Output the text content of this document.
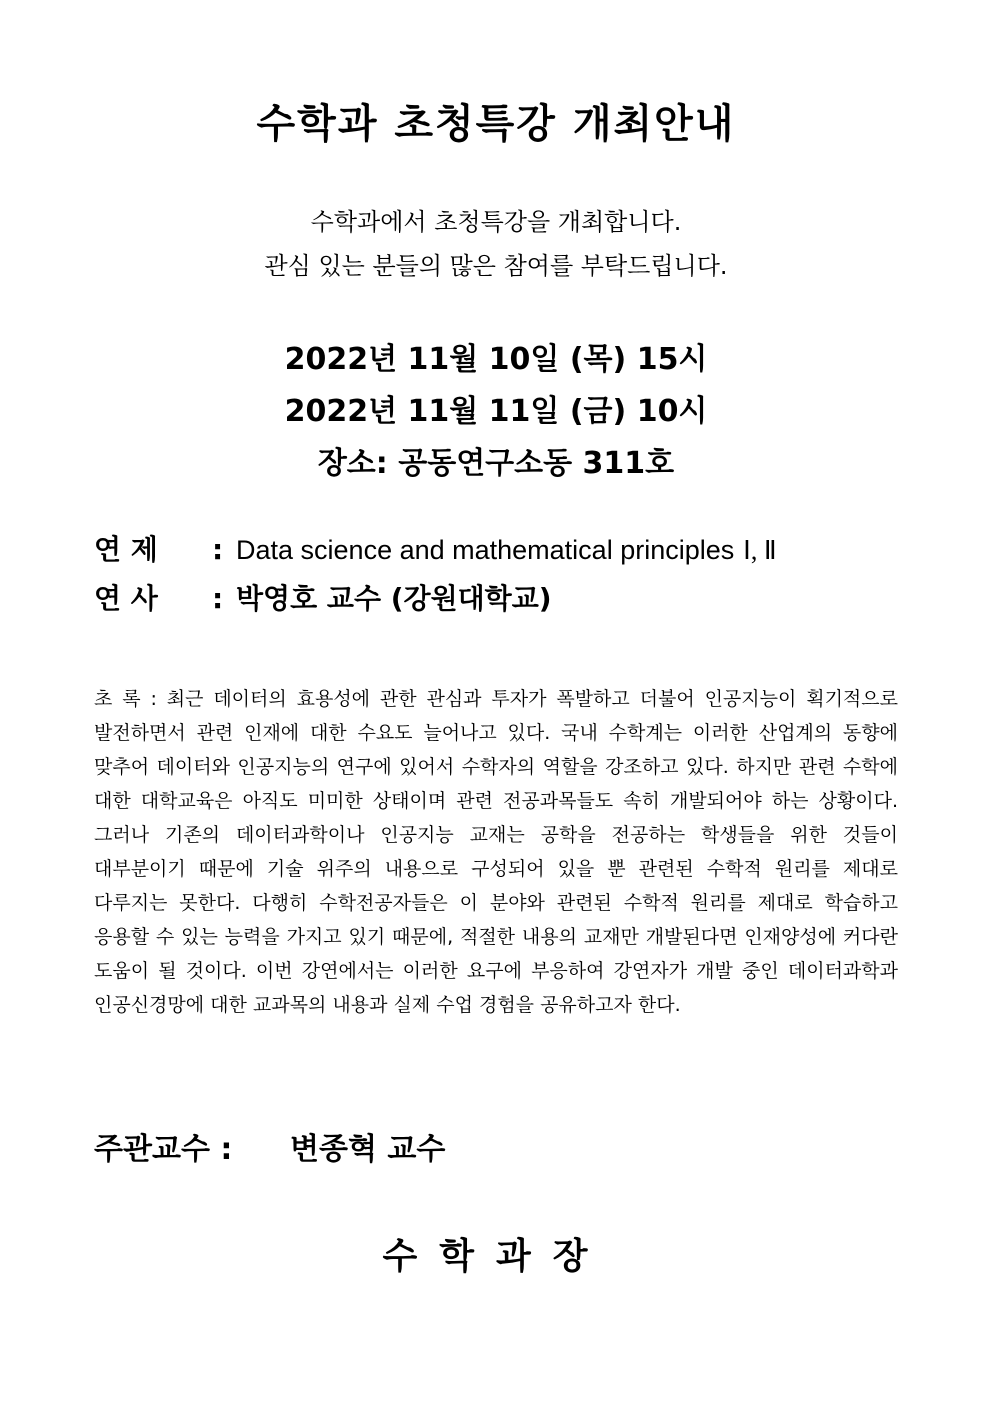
수학과 초청특강 개최안내
수학과에서 초청특강을 개최합니다.
관심 있는 분들의 많은 참여를 부탁드립니다.
2022년 11월 10일 (목) 15시
2022년 11월 11일 (금) 10시
장소: 공동연구소동 311호
연 제 : Data science and mathematical principles Ⅰ, Ⅱ
연 사 : 박영호 교수 (강원대학교)
초 록 : 최근 데이터의 효용성에 관한 관심과 투자가 폭발하고 더불어 인공지능이 획기적으로 발전하면서 관련 인재에 대한 수요도 늘어나고 있다. 국내 수학계는 이러한 산업계의 동향에 맞추어 데이터와 인공지능의 연구에 있어서 수학자의 역할을 강조하고 있다. 하지만 관련 수학에 대한 대학교육은 아직도 미미한 상태이며 관련 전공과목들도 속히 개발되어야 하는 상황이다. 그러나 기존의 데이터과학이나 인공지능 교재는 공학을 전공하는 학생들을 위한 것들이 대부분이기 때문에 기술 위주의 내용으로 구성되어 있을 뿐 관련된 수학적 원리를 제대로 다루지는 못한다. 다행히 수학전공자들은 이 분야와 관련된 수학적 원리를 제대로 학습하고 응용할 수 있는 능력을 가지고 있기 때문에, 적절한 내용의 교재만 개발된다면 인재양성에 커다란 도움이 될 것이다. 이번 강연에서는 이러한 요구에 부응하여 강연자가 개발 중인 데이터과학과 인공신경망에 대한 교과목의 내용과 실제 수업 경험을 공유하고자 한다.
주관교수 : 변종혁 교수
수학과장
